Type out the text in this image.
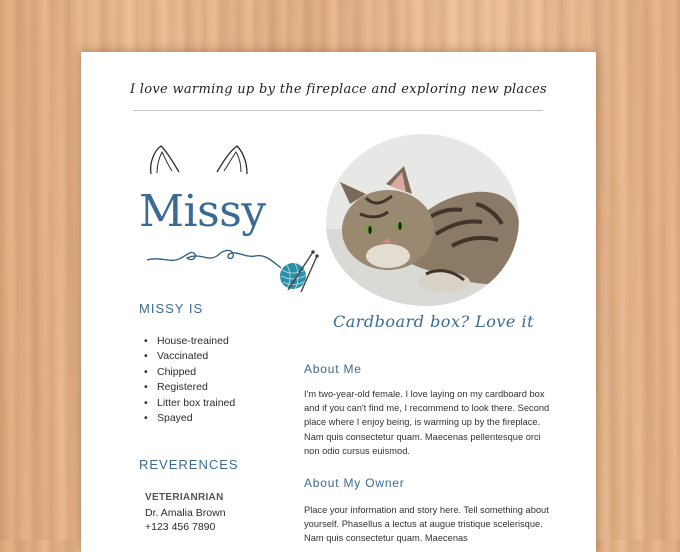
I love warming up by the fireplace and exploring new places
Missy
Cardboard box? Love it
MISSY IS
• House-treained
• Vaccinated
• Chipped
• Registered
• Litter box trained
• Spayed
REVERENCES
VETERIANRIAN
Dr. Amalia Brown
+123 456 7890
About Me
I'm two-year-old female. I love laying on my cardboard box and if you can't find me, I recommend to look there. Second place where I enjoy being, is warming up by the fireplace. Nam quis consectetur quam. Maecenas pellentesque orci non odio cursus euismod.
About My Owner
Place your information and story here. Tell something about yourself. Phasellus a lectus at augue tristique scelerisque. Nam quis consectetur quam. Maecenas
